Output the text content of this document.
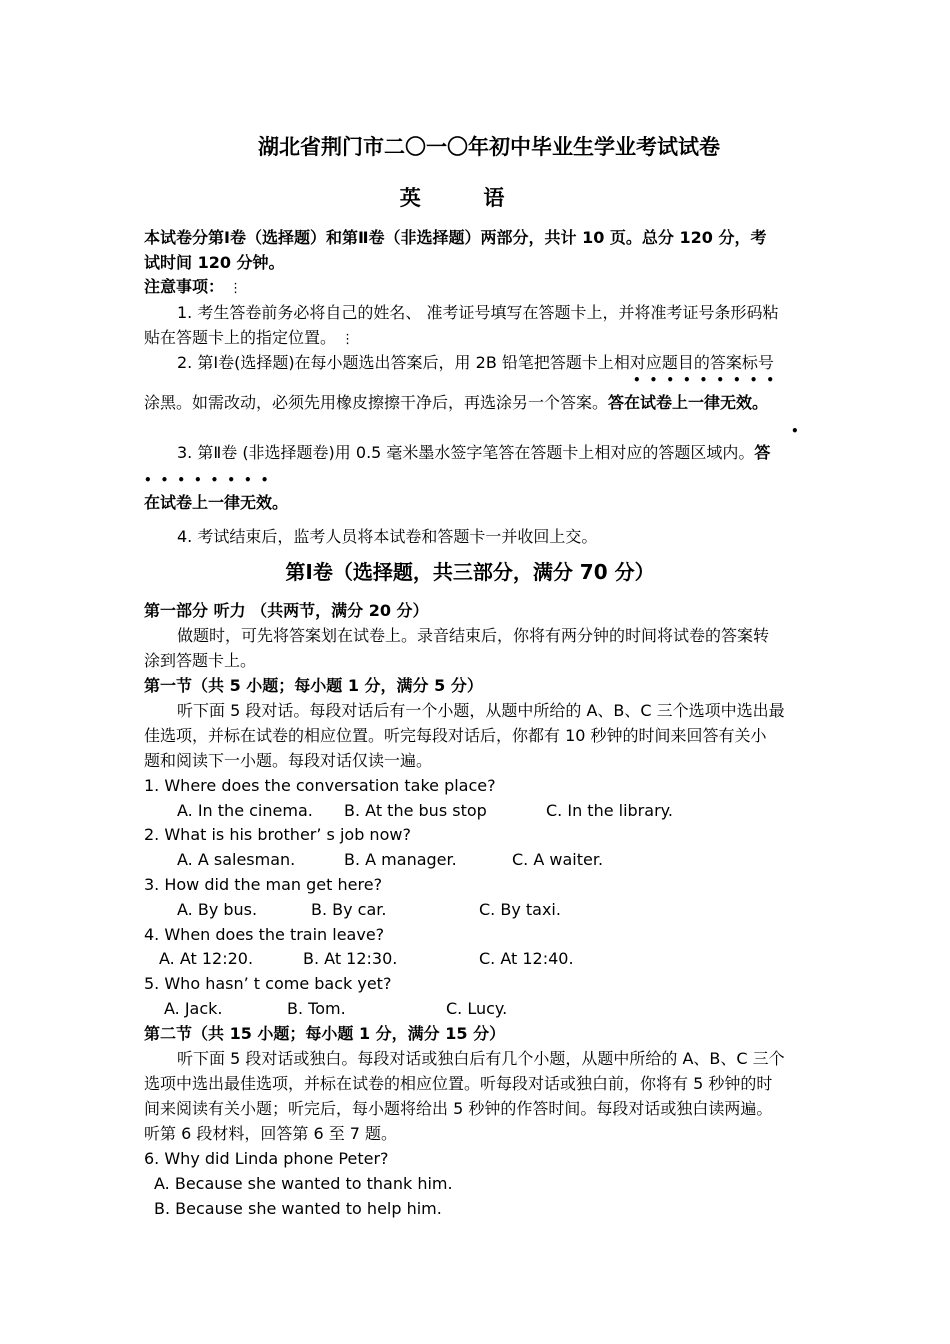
湖北省荆门市二〇一〇年初中毕业生学业考试试卷
英	语
本试卷分第Ⅰ卷（选择题）和第Ⅱ卷（非选择题）两部分，共计 10 页。总分 120 分，考
试时间 120 分钟。
注意事项： ⋮
1. 考生答卷前务必将自己的姓名、 准考证号填写在答题卡上，并将准考证号条形码粘
贴在答题卡上的指定位置。 ⋮
2. 第Ⅰ卷(选择题)在每小题选出答案后，用 2B 铅笔把答题卡上相对应题目的答案标号
•••••••••
涂黑。如需改动，必须先用橡皮擦擦干净后，再选涂另一个答案。答在试卷上一律无效。
•
3. 第Ⅱ卷 (非选择题卷)用 0.5 毫米墨水签字笔答在答题卡上相对应的答题区域内。答
••••••••
在试卷上一律无效。
4. 考试结束后，监考人员将本试卷和答题卡一并收回上交。
第Ⅰ卷（选择题，共三部分，满分 70 分）
第一部分 听力 （共两节，满分 20 分）
做题时，可先将答案划在试卷上。录音结束后，你将有两分钟的时间将试卷的答案转
涂到答题卡上。
第一节（共 5 小题；每小题 1 分，满分 5 分）
听下面 5 段对话。每段对话后有一个小题，从题中所给的 A、B、C 三个选项中选出最
佳选项，并标在试卷的相应位置。听完每段对话后，你都有 10 秒钟的时间来回答有关小
题和阅读下一小题。每段对话仅读一遍。
1. Where does the conversation take place?
A. In the cinema. B. At the bus stop	C. In the library.
2. What is his brother’ s job now?
A. A salesman.	B. A manager.	C. A waiter.
3. How did the man get here?
A. By bus.	B. By car.	C. By taxi.
4. When does the train leave?
A. At 12:20.	B. At 12:30.	C. At 12:40.
5. Who hasn’ t come back yet?
A. Jack.	B. Tom.	C. Lucy.
第二节（共 15 小题；每小题 1 分，满分 15 分）
听下面 5 段对话或独白。每段对话或独白后有几个小题，从题中所给的 A、B、C 三个
选项中选出最佳选项，并标在试卷的相应位置。听每段对话或独白前，你将有 5 秒钟的时
间来阅读有关小题；听完后，每小题将给出 5 秒钟的作答时间。每段对话或独白读两遍。
听第 6 段材料，回答第 6 至 7 题。
6. Why did Linda phone Peter?
A. Because she wanted to thank him.
B. Because she wanted to help him.
